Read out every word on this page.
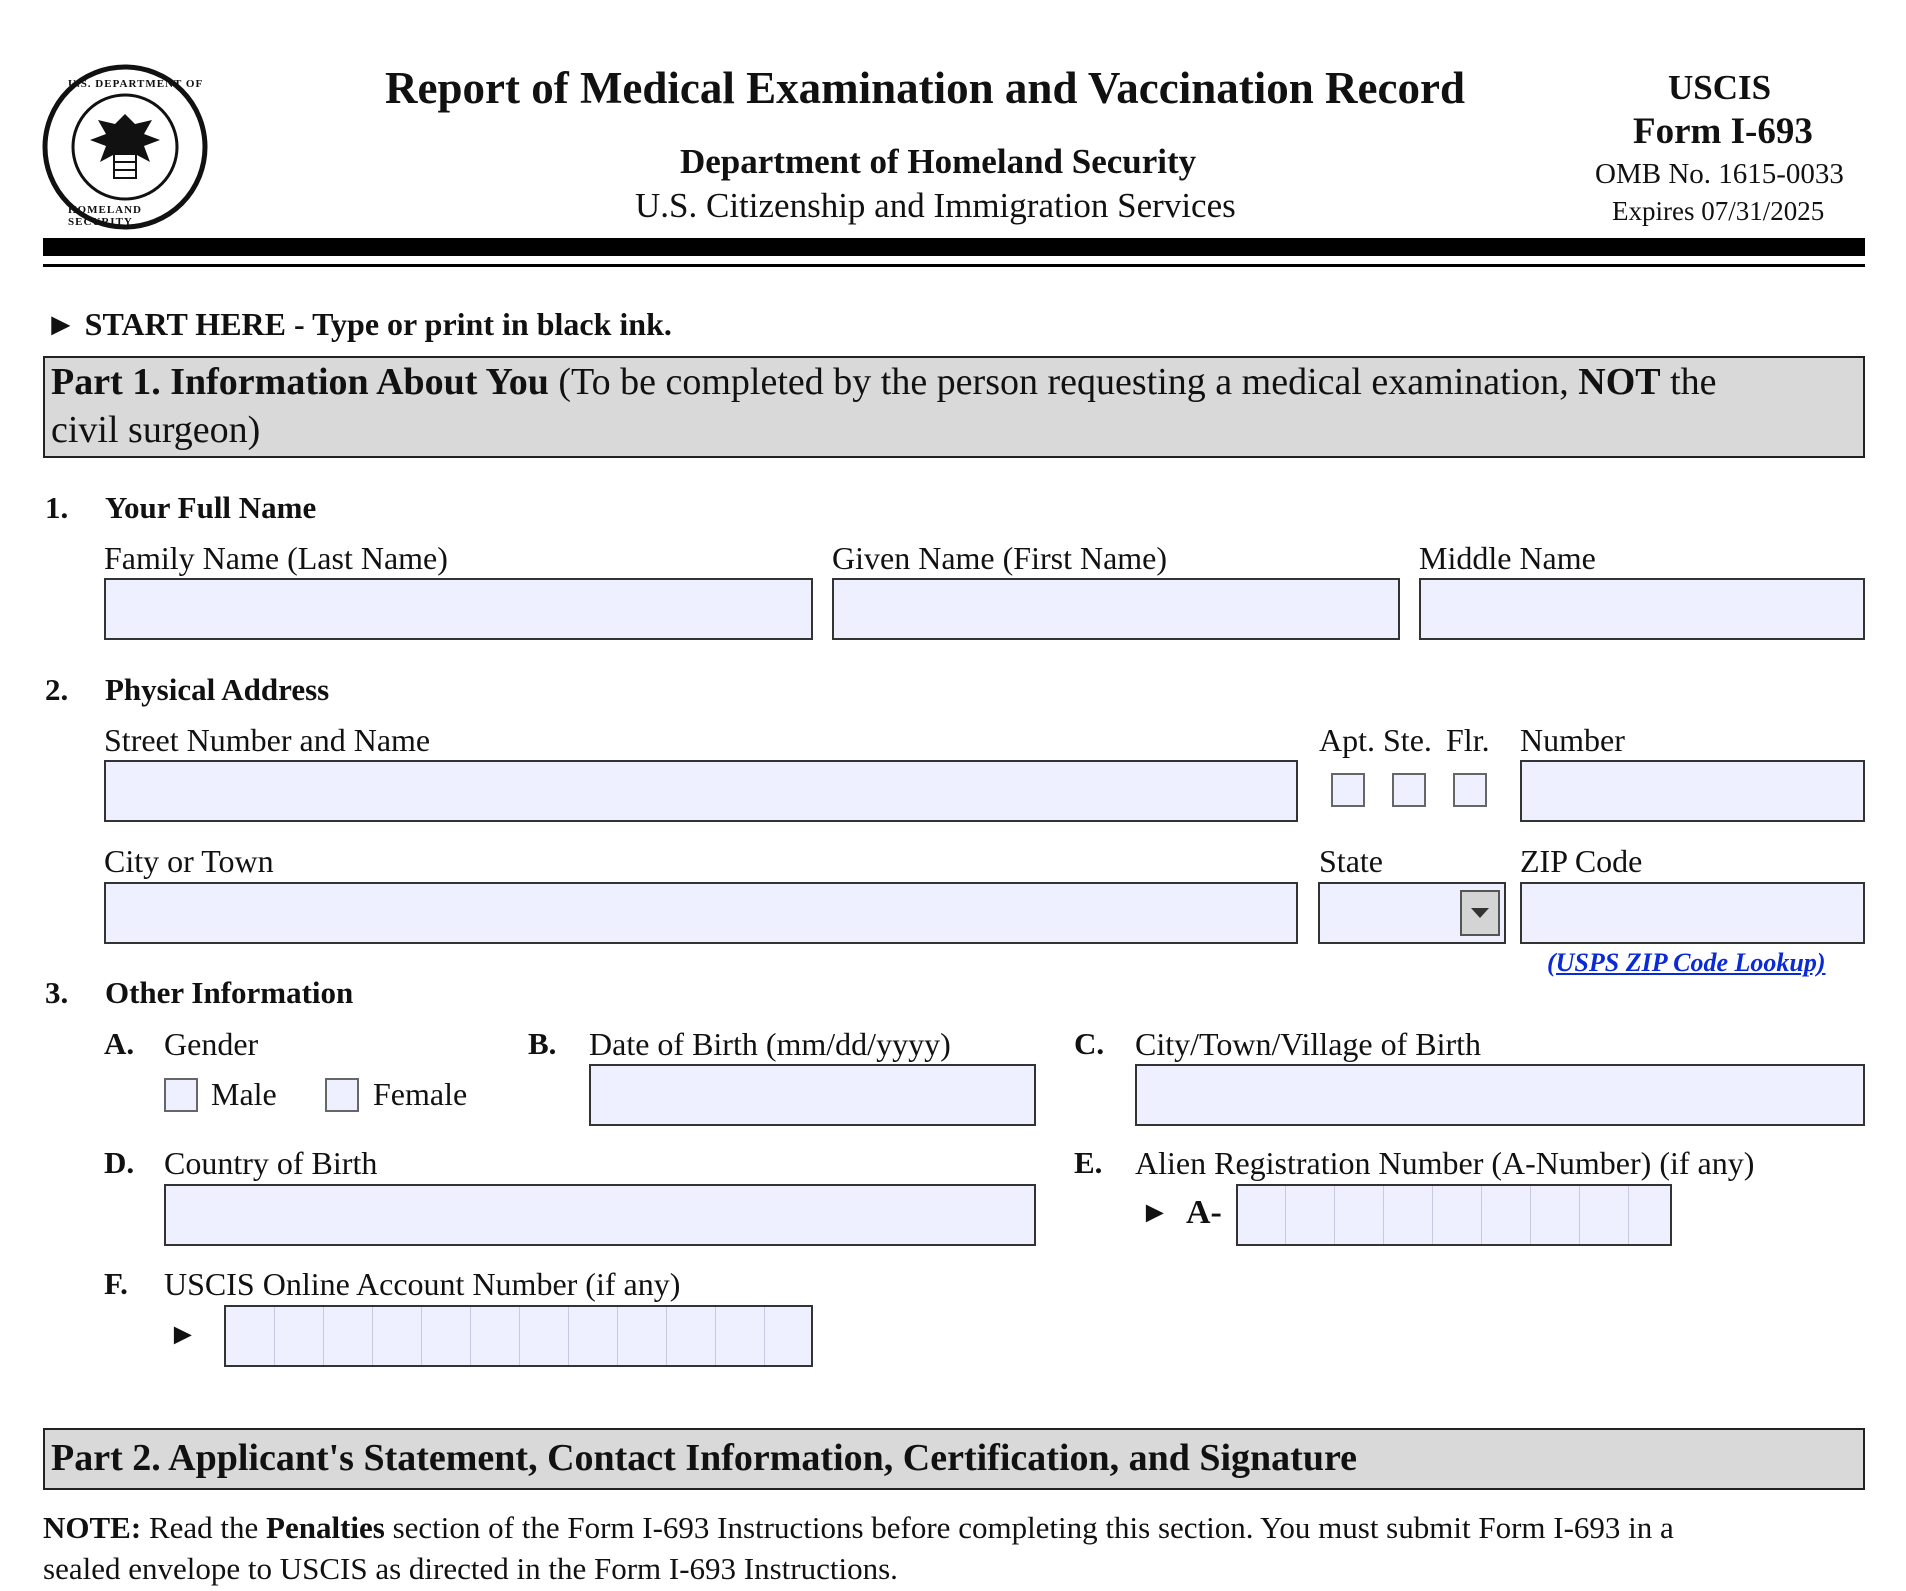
U.S. DEPARTMENT OF
HOMELAND SECURITY
Report of Medical Examination and Vaccination Record
Department of Homeland Security
U.S. Citizenship and Immigration Services
USCIS
Form I-693
OMB No. 1615-0033
Expires 07/31/2025
► START HERE - Type or print in black ink.
Part 1. Information About You (To be completed by the person requesting a medical examination, NOT the
civil surgeon)
1. Your Full Name
Family Name (Last Name)	Given Name (First Name)	Middle Name
2. Physical Address
Street Number and Name	Apt. Ste. Flr. Number
City or Town	State	ZIP Code
(USPS ZIP Code Lookup)
3. Other Information
A. Gender
Male	Female
B. Date of Birth (mm/dd/yyyy)	C. City/Town/Village of Birth
D. Country of Birth	E. Alien Registration Number (A-Number) (if any)
► A-
F. USCIS Online Account Number (if any)
►
Part 2. Applicant's Statement, Contact Information, Certification, and Signature
NOTE: Read the Penalties section of the Form I-693 Instructions before completing this section. You must submit Form I-693 in a
sealed envelope to USCIS as directed in the Form I-693 Instructions.
